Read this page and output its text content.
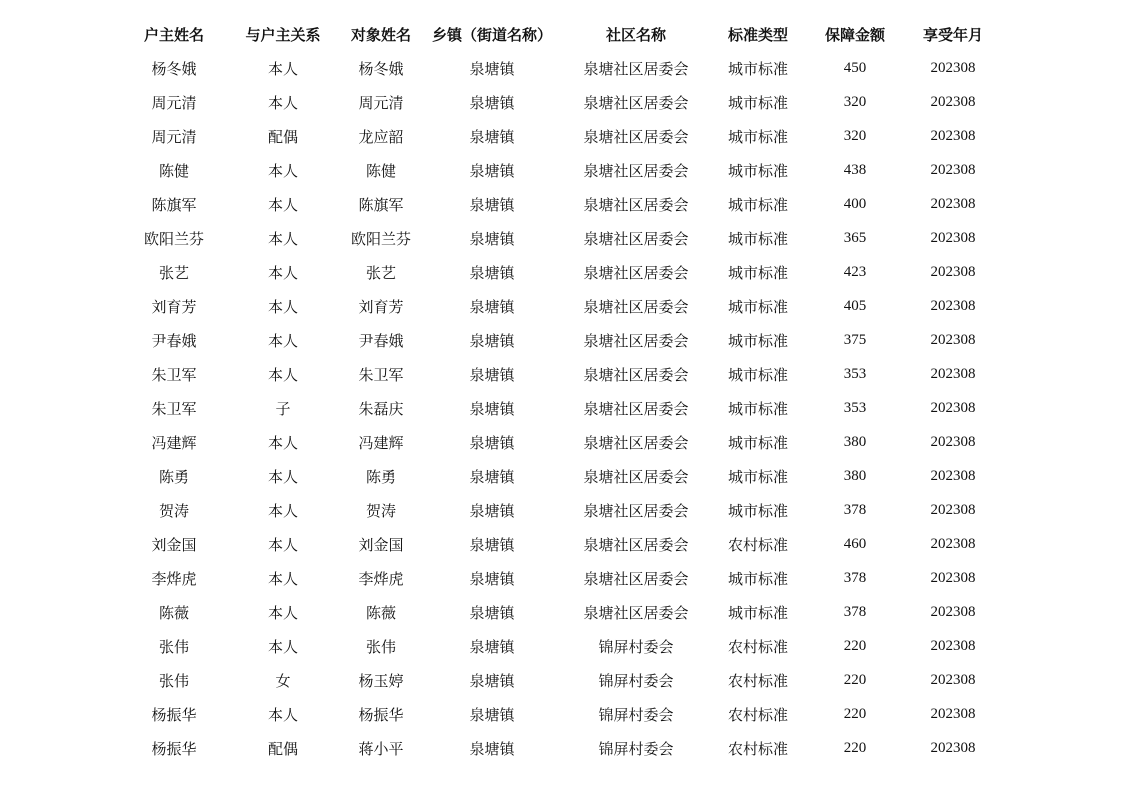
户主姓名	与户主关系	对象姓名	乡镇（街道名称）	社区名称	标准类型	保障金额	享受年月
杨冬娥	本人	杨冬娥	泉塘镇	泉塘社区居委会	城市标准	450	202308
周元清	本人	周元清	泉塘镇	泉塘社区居委会	城市标准	320	202308
周元清	配偶	龙应韶	泉塘镇	泉塘社区居委会	城市标准	320	202308
陈健	本人	陈健	泉塘镇	泉塘社区居委会	城市标准	438	202308
陈旗军	本人	陈旗军	泉塘镇	泉塘社区居委会	城市标准	400	202308
欧阳兰芬	本人	欧阳兰芬	泉塘镇	泉塘社区居委会	城市标准	365	202308
张艺	本人	张艺	泉塘镇	泉塘社区居委会	城市标准	423	202308
刘育芳	本人	刘育芳	泉塘镇	泉塘社区居委会	城市标准	405	202308
尹春娥	本人	尹春娥	泉塘镇	泉塘社区居委会	城市标准	375	202308
朱卫军	本人	朱卫军	泉塘镇	泉塘社区居委会	城市标准	353	202308
朱卫军	子	朱磊庆	泉塘镇	泉塘社区居委会	城市标准	353	202308
冯建辉	本人	冯建辉	泉塘镇	泉塘社区居委会	城市标准	380	202308
陈勇	本人	陈勇	泉塘镇	泉塘社区居委会	城市标准	380	202308
贺涛	本人	贺涛	泉塘镇	泉塘社区居委会	城市标准	378	202308
刘金国	本人	刘金国	泉塘镇	泉塘社区居委会	农村标准	460	202308
李烨虎	本人	李烨虎	泉塘镇	泉塘社区居委会	城市标准	378	202308
陈薇	本人	陈薇	泉塘镇	泉塘社区居委会	城市标准	378	202308
张伟	本人	张伟	泉塘镇	锦屏村委会	农村标准	220	202308
张伟	女	杨玉婷	泉塘镇	锦屏村委会	农村标准	220	202308
杨振华	本人	杨振华	泉塘镇	锦屏村委会	农村标准	220	202308
杨振华	配偶	蒋小平	泉塘镇	锦屏村委会	农村标准	220	202308
